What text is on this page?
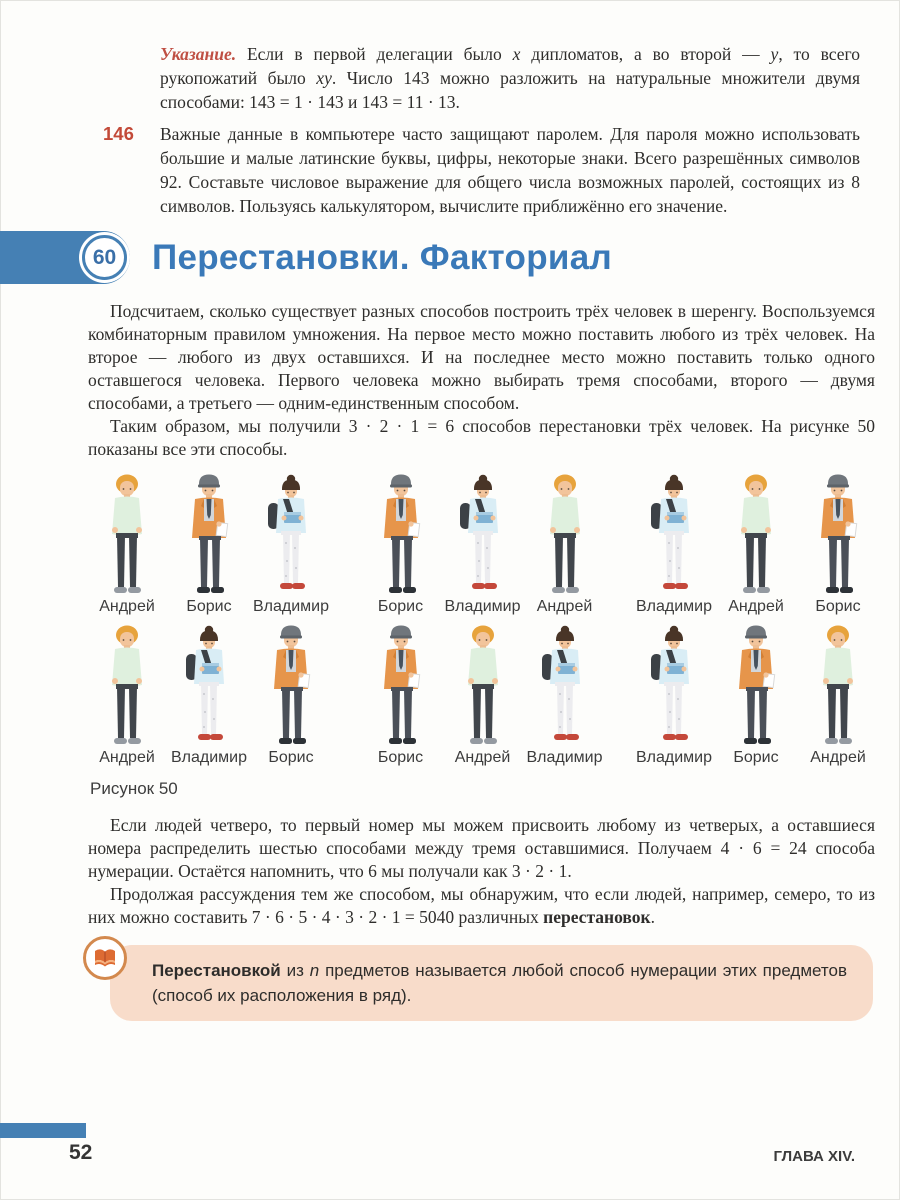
Указание. Если в первой делегации было x дипломатов, а во второй — y, то всего рукопожатий было xy. Число 143 можно разложить на натуральные множители двумя способами: 143 = 1 · 143 и 143 = 11 · 13.

146 Важные данные в компьютере часто защищают паролем. Для пароля можно использовать большие и малые латинские буквы, цифры, некоторые знаки. Всего разрешённых символов 92. Составьте числовое выражение для общего числа возможных паролей, состоящих из 8 символов. Пользуясь калькулятором, вычислите приближённо его значение.

60 Перестановки. Факториал

Подсчитаем, сколько существует разных способов построить трёх человек в шеренгу. Воспользуемся комбинаторным правилом умножения. На первое место можно поставить любого из трёх человек. На второе — любого из двух оставшихся. И на последнее место можно поставить только одного оставшегося человека. Первого человека можно выбирать тремя способами, второго — двумя способами, а третьего — одним-единственным способом.

Таким образом, мы получили 3 · 2 · 1 = 6 способов перестановки трёх человек. На рисунке 50 показаны все эти способы.

Андрей Борис Владимир	Борис Владимир Андрей	Владимир Андрей Борис
Андрей Владимир Борис	Борис Андрей Владимир Владимир Борис Андрей

Рисунок 50

Если людей четверо, то первый номер мы можем присвоить любому из четверых, а оставшиеся номера распределить шестью способами между тремя оставшимися. Получаем 4 · 6 = 24 способа нумерации. Остаётся напомнить, что 6 мы получали как 3 · 2 · 1.

Продолжая рассуждения тем же способом, мы обнаружим, что если людей, например, семеро, то из них можно составить 7 · 6 · 5 · 4 · 3 · 2 · 1 = 5040 различных перестановок.

Перестановкой из n предметов называется любой способ нумерации этих предметов (способ их расположения в ряд).

52	ГЛАВА XIV.
